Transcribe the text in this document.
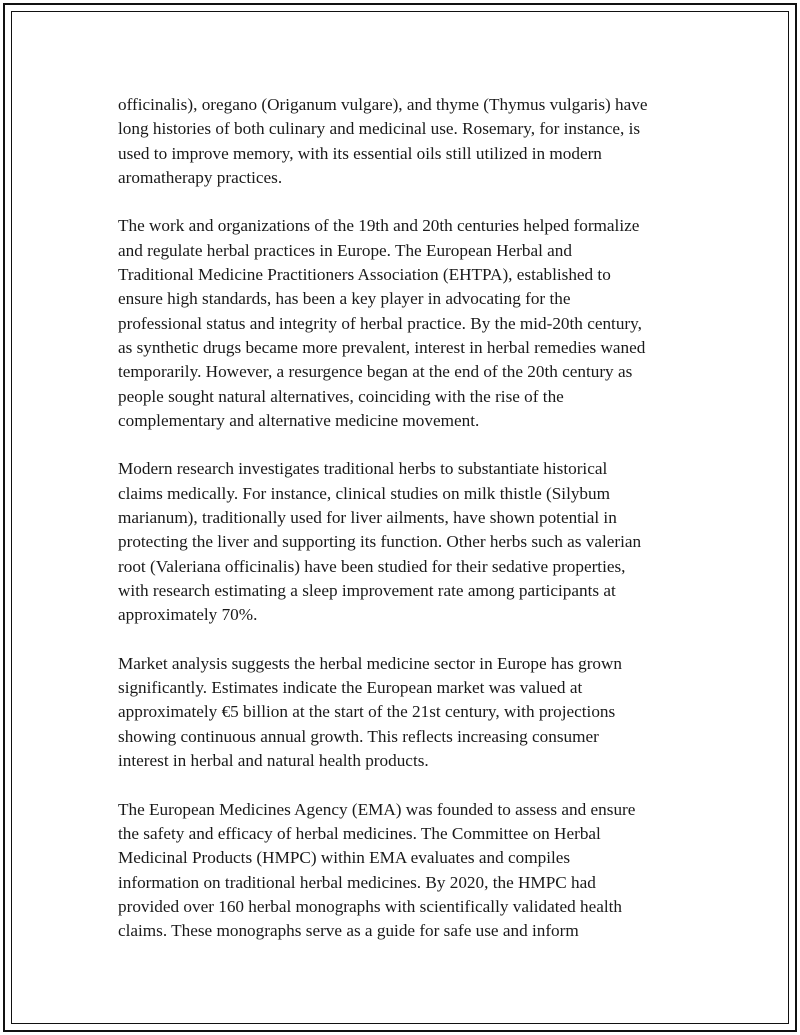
officinalis), oregano (Origanum vulgare), and thyme (Thymus vulgaris) have
long histories of both culinary and medicinal use. Rosemary, for instance, is
used to improve memory, with its essential oils still utilized in modern
aromatherapy practices.

The work and organizations of the 19th and 20th centuries helped formalize
and regulate herbal practices in Europe. The European Herbal and
Traditional Medicine Practitioners Association (EHTPA), established to
ensure high standards, has been a key player in advocating for the
professional status and integrity of herbal practice. By the mid-20th century,
as synthetic drugs became more prevalent, interest in herbal remedies waned
temporarily. However, a resurgence began at the end of the 20th century as
people sought natural alternatives, coinciding with the rise of the
complementary and alternative medicine movement.

Modern research investigates traditional herbs to substantiate historical
claims medically. For instance, clinical studies on milk thistle (Silybum
marianum), traditionally used for liver ailments, have shown potential in
protecting the liver and supporting its function. Other herbs such as valerian
root (Valeriana officinalis) have been studied for their sedative properties,
with research estimating a sleep improvement rate among participants at
approximately 70%.

Market analysis suggests the herbal medicine sector in Europe has grown
significantly. Estimates indicate the European market was valued at
approximately €5 billion at the start of the 21st century, with projections
showing continuous annual growth. This reflects increasing consumer
interest in herbal and natural health products.

The European Medicines Agency (EMA) was founded to assess and ensure
the safety and efficacy of herbal medicines. The Committee on Herbal
Medicinal Products (HMPC) within EMA evaluates and compiles
information on traditional herbal medicines. By 2020, the HMPC had
provided over 160 herbal monographs with scientifically validated health
claims. These monographs serve as a guide for safe use and inform
